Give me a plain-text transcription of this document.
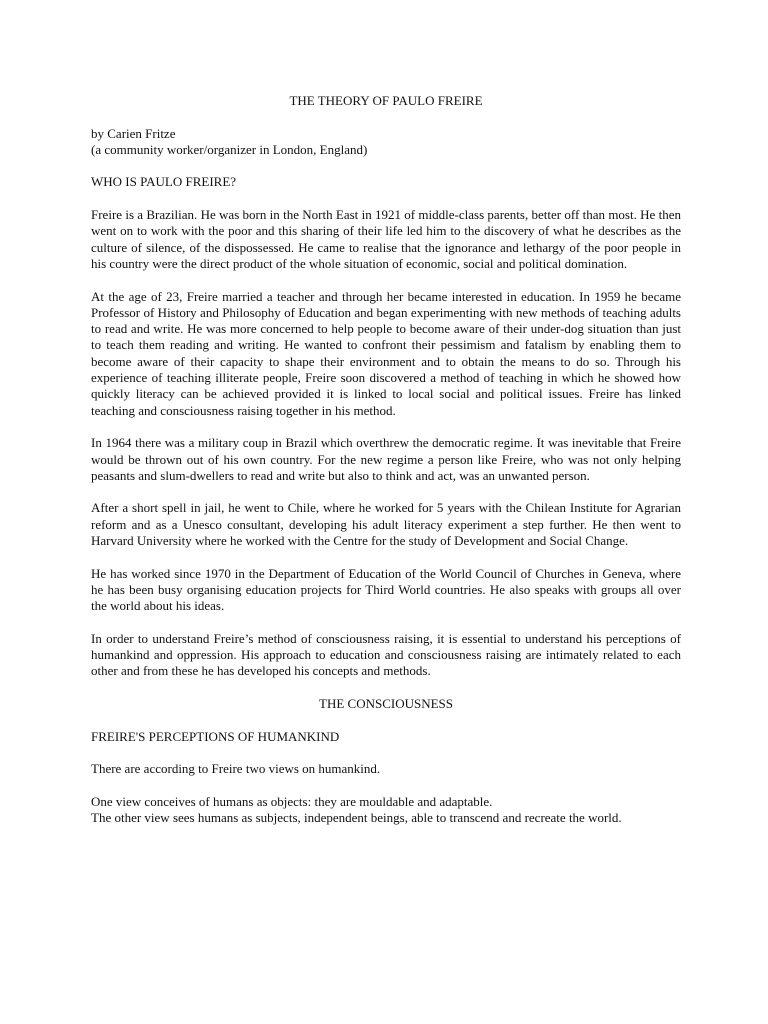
THE THEORY OF PAULO FREIRE

by Carien Fritze
(a community worker/organizer in London, England)

WHO IS PAULO FREIRE?

Freire is a Brazilian. He was born in the North East in 1921 of middle-class parents, better off than most. He then went on to work with the poor and this sharing of their life led him to the discovery of what he describes as the culture of silence, of the dispossessed. He came to realise that the ignorance and lethargy of the poor people in his country were the direct product of the whole situation of economic, social and political domination.

At the age of 23, Freire married a teacher and through her became interested in education. In 1959 he became Professor of History and Philosophy of Education and began experimenting with new methods of teaching adults to read and write. He was more concerned to help people to become aware of their under-dog situation than just to teach them reading and writing. He wanted to confront their pessimism and fatalism by enabling them to become aware of their capacity to shape their environment and to obtain the means to do so. Through his experience of teaching illiterate people, Freire soon discovered a method of teaching in which he showed how quickly literacy can be achieved provided it is linked to local social and political issues. Freire has linked teaching and consciousness raising together in his method.

In 1964 there was a military coup in Brazil which overthrew the democratic regime. It was inevitable that Freire would be thrown out of his own country. For the new regime a person like Freire, who was not only helping peasants and slum-dwellers to read and write but also to think and act, was an unwanted person.

After a short spell in jail, he went to Chile, where he worked for 5 years with the Chilean Institute for Agrarian reform and as a Unesco consultant, developing his adult literacy experiment a step further. He then went to Harvard University where he worked with the Centre for the study of Development and Social Change.

He has worked since 1970 in the Department of Education of the World Council of Churches in Geneva, where he has been busy organising education projects for Third World countries. He also speaks with groups all over the world about his ideas.

In order to understand Freire’s method of consciousness raising, it is essential to understand his perceptions of humankind and oppression. His approach to education and consciousness raising are intimately related to each other and from these he has developed his concepts and methods.

THE CONSCIOUSNESS

FREIRE'S PERCEPTIONS OF HUMANKIND

There are according to Freire two views on humankind.

One view conceives of humans as objects: they are mouldable and adaptable.
The other view sees humans as subjects, independent beings, able to transcend and recreate the world.
